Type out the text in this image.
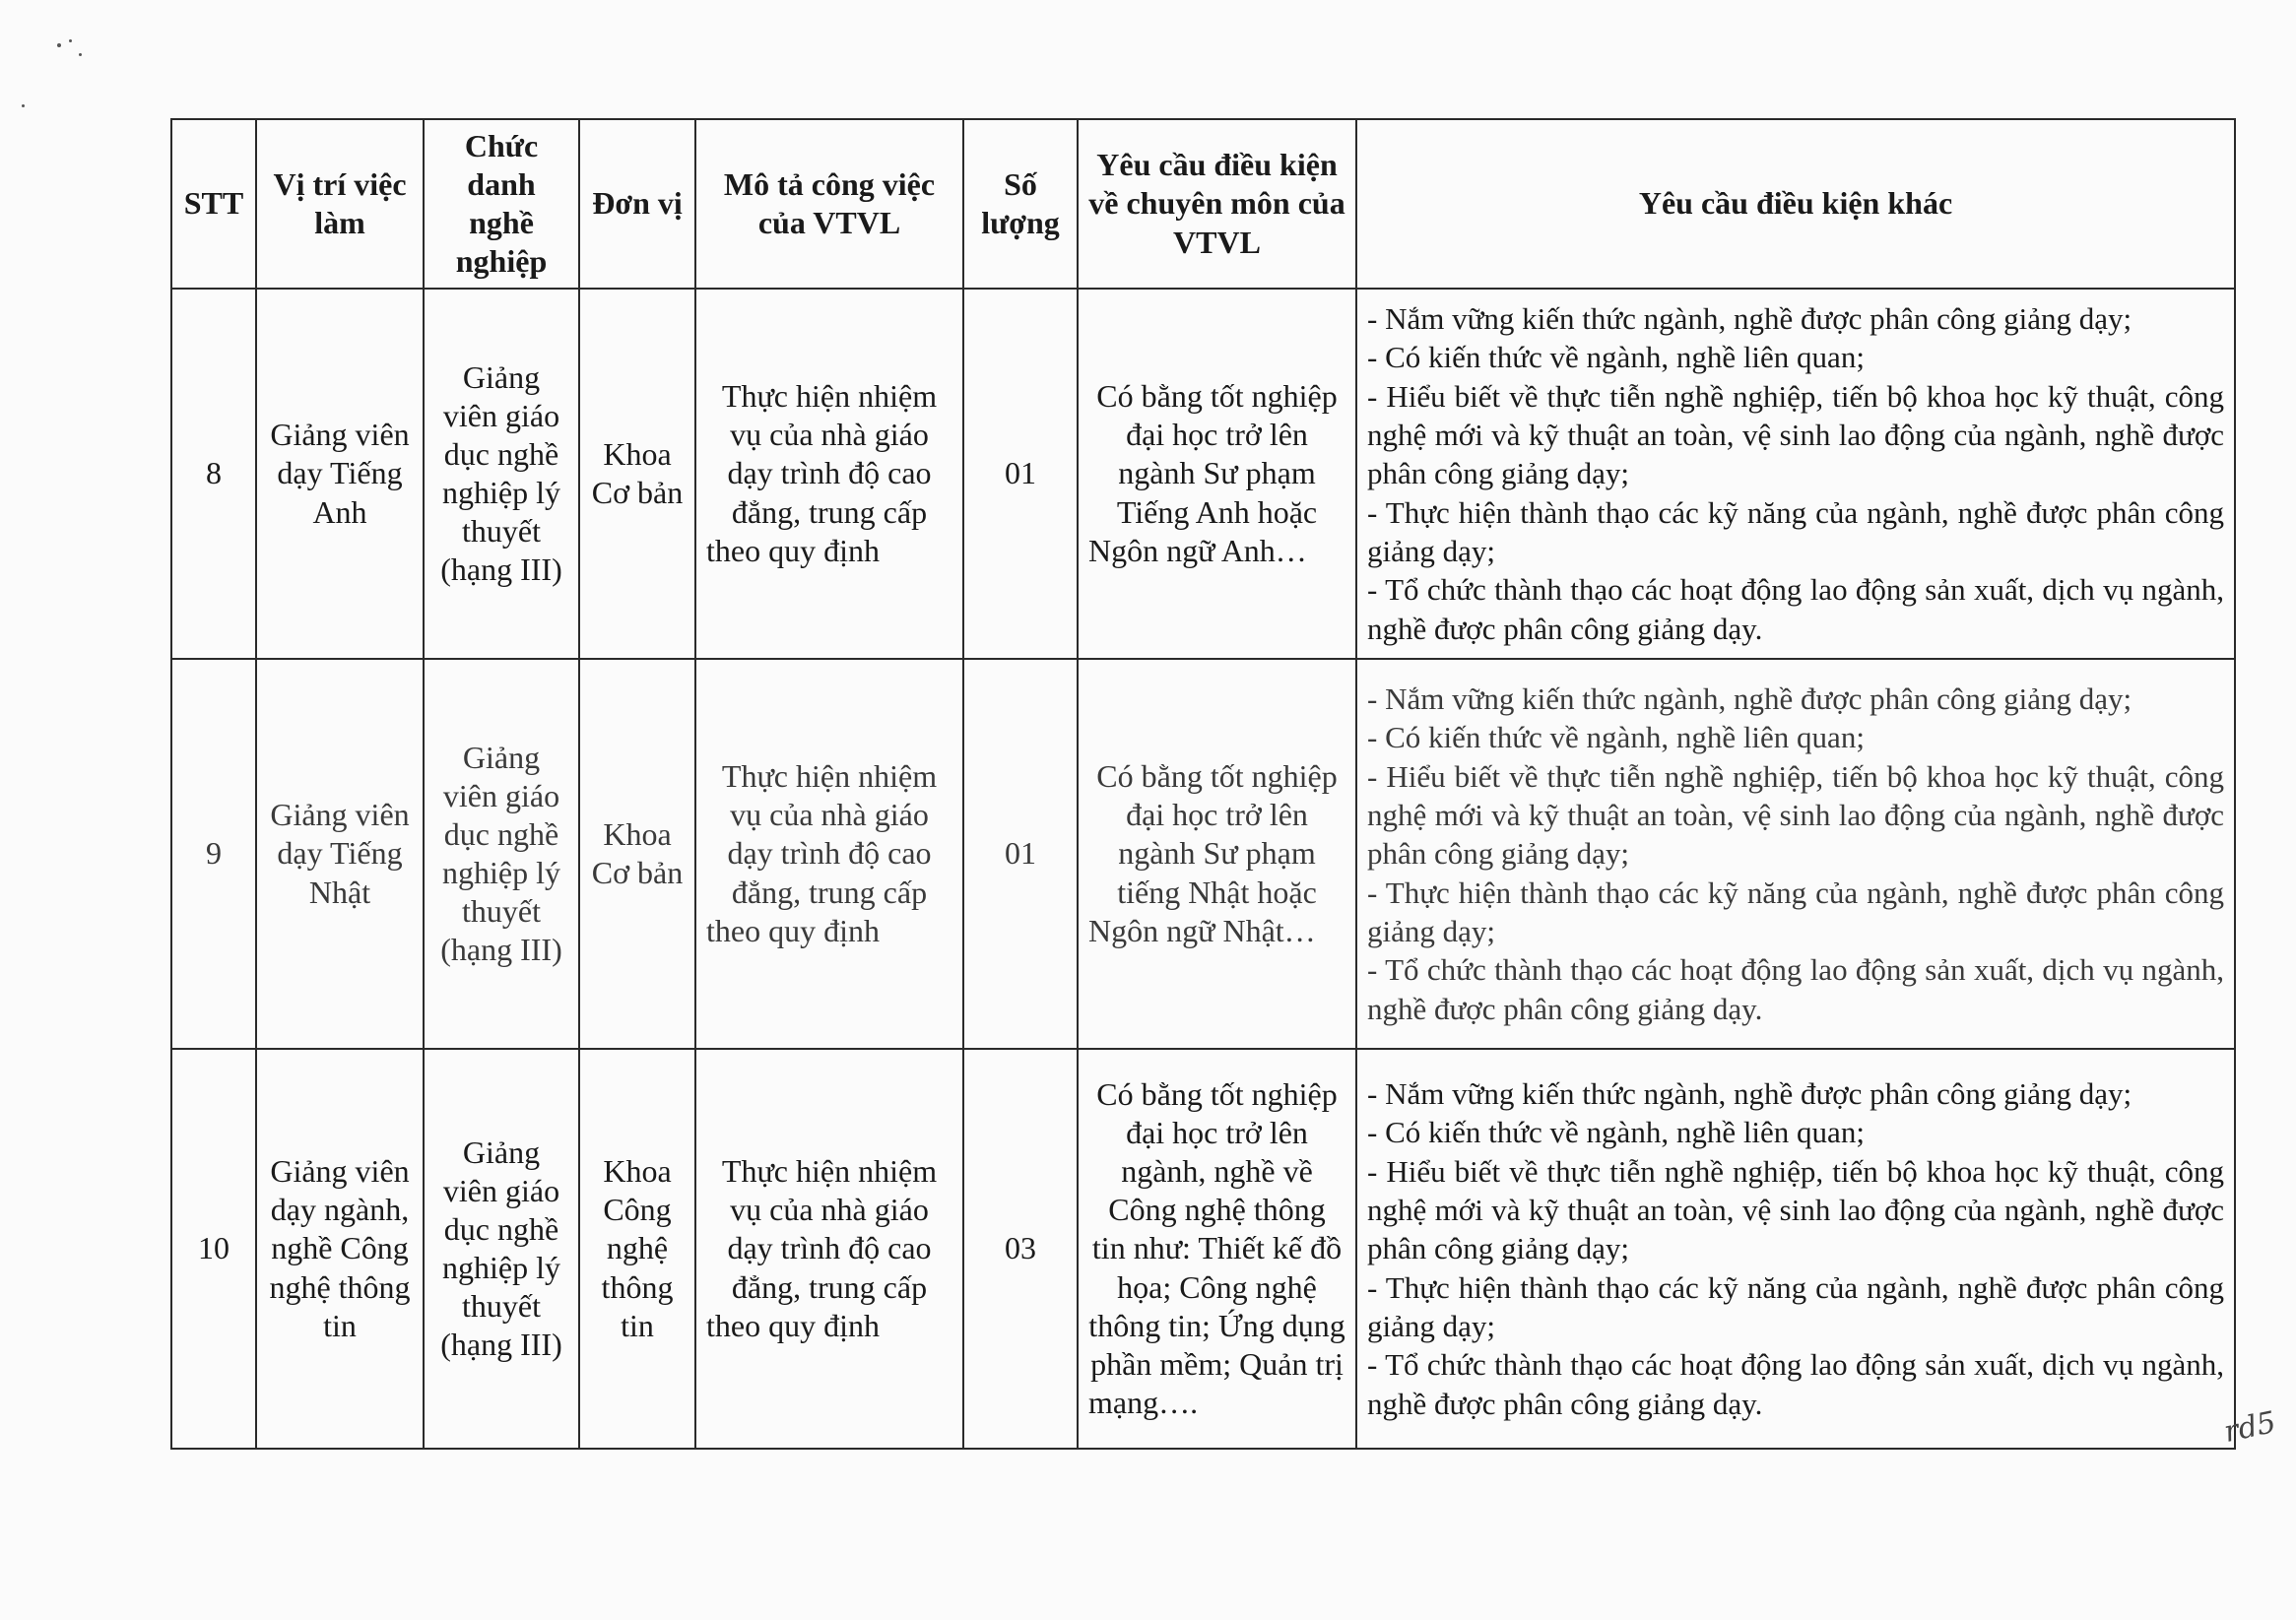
STT	Vị trí việc làm	Chức danh nghề nghiệp	Đơn vị	Mô tả công việc của VTVL	Số lượng	Yêu cầu điều kiện về chuyên môn của VTVL	Yêu cầu điều kiện khác
8	Giảng viên dạy Tiếng Anh	Giảng viên giáo dục nghề nghiệp lý thuyết (hạng III)	Khoa Cơ bản	Thực hiện nhiệm vụ của nhà giáo dạy trình độ cao đẳng, trung cấp theo quy định	01	Có bằng tốt nghiệp đại học trở lên ngành Sư phạm Tiếng Anh hoặc Ngôn ngữ Anh…	- Nắm vững kiến thức ngành, nghề được phân công giảng dạy;
- Có kiến thức về ngành, nghề liên quan;
- Hiểu biết về thực tiễn nghề nghiệp, tiến bộ khoa học kỹ thuật, công nghệ mới và kỹ thuật an toàn, vệ sinh lao động của ngành, nghề được phân công giảng dạy;
- Thực hiện thành thạo các kỹ năng của ngành, nghề được phân công giảng dạy;
- Tổ chức thành thạo các hoạt động lao động sản xuất, dịch vụ ngành, nghề được phân công giảng dạy.

9	Giảng viên dạy Tiếng Nhật	Giảng viên giáo dục nghề nghiệp lý thuyết (hạng III)	Khoa Cơ bản	Thực hiện nhiệm vụ của nhà giáo dạy trình độ cao đẳng, trung cấp theo quy định	01	Có bằng tốt nghiệp đại học trở lên ngành Sư phạm tiếng Nhật hoặc Ngôn ngữ Nhật…	- Nắm vững kiến thức ngành, nghề được phân công giảng dạy;
- Có kiến thức về ngành, nghề liên quan;
- Hiểu biết về thực tiễn nghề nghiệp, tiến bộ khoa học kỹ thuật, công nghệ mới và kỹ thuật an toàn, vệ sinh lao động của ngành, nghề được phân công giảng dạy;
- Thực hiện thành thạo các kỹ năng của ngành, nghề được phân công giảng dạy;
- Tổ chức thành thạo các hoạt động lao động sản xuất, dịch vụ ngành, nghề được phân công giảng dạy.

10	Giảng viên dạy ngành, nghề Công nghệ thông tin	Giảng viên giáo dục nghề nghiệp lý thuyết (hạng III)	Khoa Công nghệ thông tin	Thực hiện nhiệm vụ của nhà giáo dạy trình độ cao đẳng, trung cấp theo quy định	03	Có bằng tốt nghiệp đại học trở lên ngành, nghề về Công nghệ thông tin như: Thiết kế đồ họa; Công nghệ thông tin; Ứng dụng phần mềm; Quản trị mạng….	- Nắm vững kiến thức ngành, nghề được phân công giảng dạy;
- Có kiến thức về ngành, nghề liên quan;
- Hiểu biết về thực tiễn nghề nghiệp, tiến bộ khoa học kỹ thuật, công nghệ mới và kỹ thuật an toàn, vệ sinh lao động của ngành, nghề được phân công giảng dạy;
- Thực hiện thành thạo các kỹ năng của ngành, nghề được phân công giảng dạy;
- Tổ chức thành thạo các hoạt động lao động sản xuất, dịch vụ ngành, nghề được phân công giảng dạy.
rd5
